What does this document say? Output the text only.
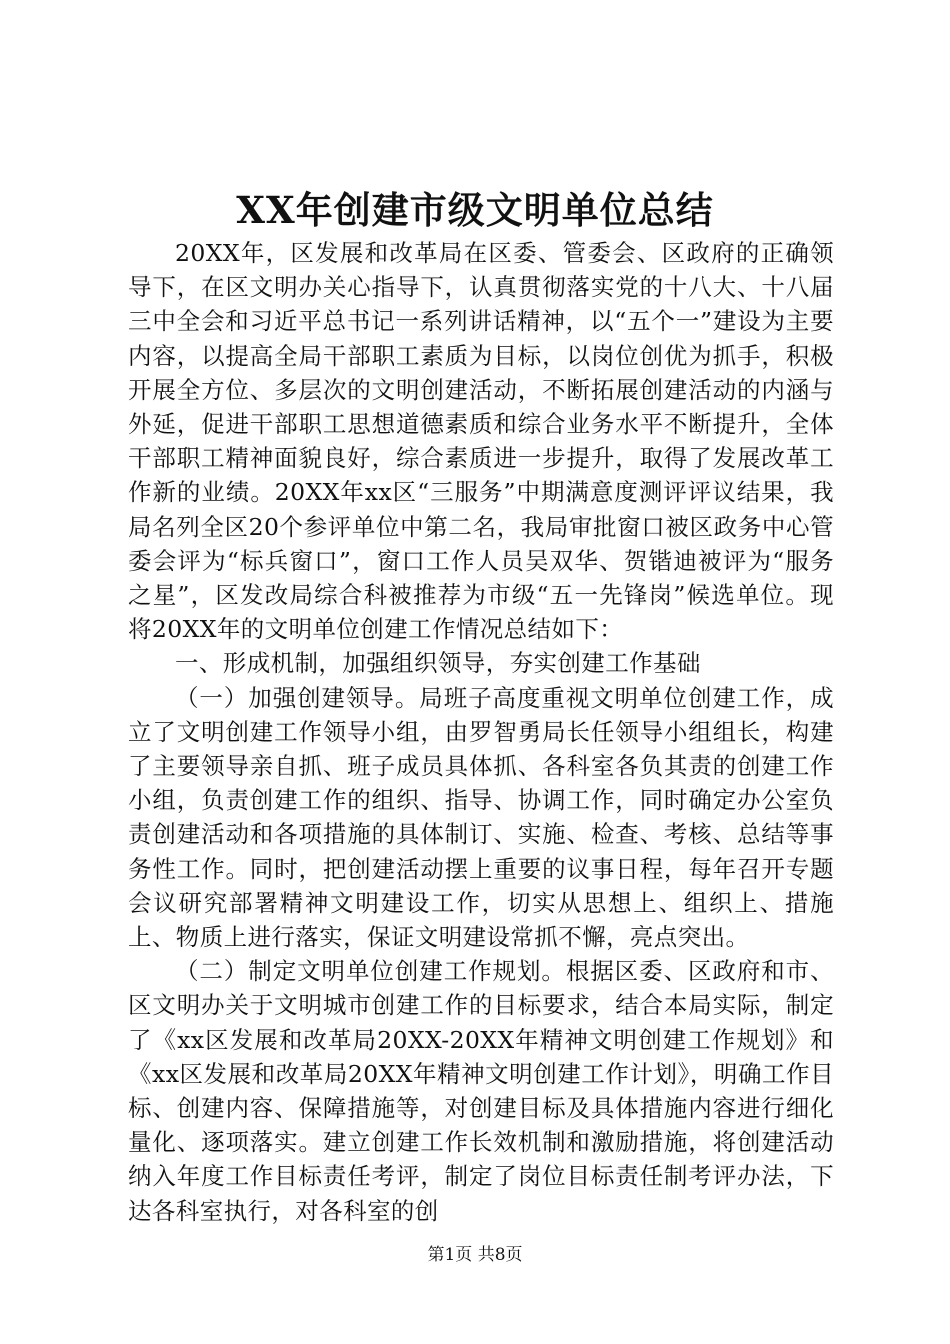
XX年创建市级文明单位总结

20XX年，区发展和改革局在区委、管委会、区政府的正确领导下，在区文明办关心指导下，认真贯彻落实党的十八大、十八届三中全会和习近平总书记一系列讲话精神，以“五个一”建设为主要内容，以提高全局干部职工素质为目标，以岗位创优为抓手，积极开展全方位、多层次的文明创建活动，不断拓展创建活动的内涵与外延，促进干部职工思想道德素质和综合业务水平不断提升，全体干部职工精神面貌良好，综合素质进一步提升，取得了发展改革工作新的业绩。20XX年xx区“三服务”中期满意度测评评议结果，我局名列全区20个参评单位中第二名，我局审批窗口被区政务中心管委会评为“标兵窗口”，窗口工作人员吴双华、贺锴迪被评为“服务之星”，区发改局综合科被推荐为市级“五一先锋岗”候选单位。现将20XX年的文明单位创建工作情况总结如下：

一、形成机制，加强组织领导，夯实创建工作基础

（一）加强创建领导。局班子高度重视文明单位创建工作，成立了文明创建工作领导小组，由罗智勇局长任领导小组组长，构建了主要领导亲自抓、班子成员具体抓、各科室各负其责的创建工作小组，负责创建工作的组织、指导、协调工作，同时确定办公室负责创建活动和各项措施的具体制订、实施、检查、考核、总结等事务性工作。同时，把创建活动摆上重要的议事日程，每年召开专题会议研究部署精神文明建设工作，切实从思想上、组织上、措施上、物质上进行落实，保证文明建设常抓不懈，亮点突出。

（二）制定文明单位创建工作规划。根据区委、区政府和市、区文明办关于文明城市创建工作的目标要求，结合本局实际，制定了《xx区发展和改革局20XX-20XX年精神文明创建工作规划》和《xx区发展和改革局20XX年精神文明创建工作计划》，明确工作目标、创建内容、保障措施等，对创建目标及具体措施内容进行细化量化、逐项落实。建立创建工作长效机制和激励措施，将创建活动纳入年度工作目标责任考评，制定了岗位目标责任制考评办法，下达各科室执行，对各科室的创

第1页 共8页
